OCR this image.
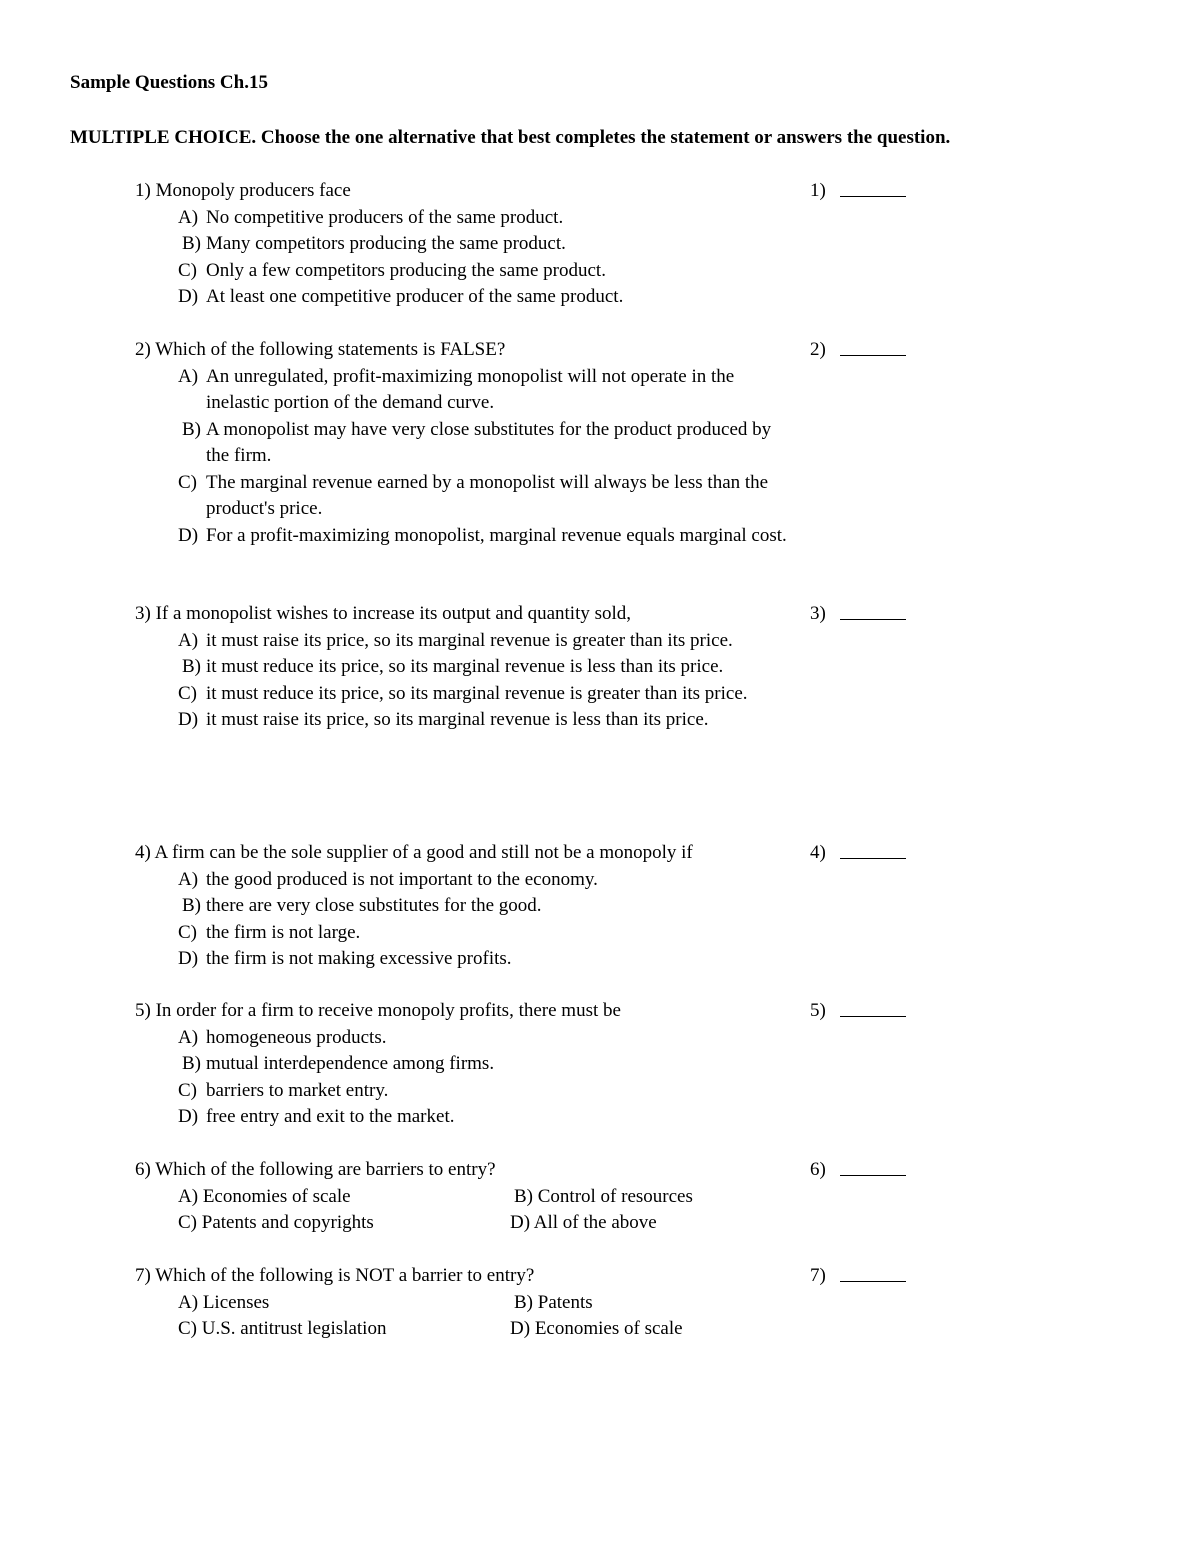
Sample Questions Ch.15
MULTIPLE CHOICE. Choose the one alternative that best completes the statement or answers the question.
1) Monopoly producers face	1)
A) No competitive producers of the same product.
B) Many competitors producing the same product.
C) Only a few competitors producing the same product.
D) At least one competitive producer of the same product.
2) Which of the following statements is FALSE?	2)
A) An unregulated, profit-maximizing monopolist will not operate in the inelastic portion of the demand curve.
B) A monopolist may have very close substitutes for the product produced by the firm.
C) The marginal revenue earned by a monopolist will always be less than the product's price.
D) For a profit-maximizing monopolist, marginal revenue equals marginal cost.
3) If a monopolist wishes to increase its output and quantity sold,	3)
A) it must raise its price, so its marginal revenue is greater than its price.
B) it must reduce its price, so its marginal revenue is less than its price.
C) it must reduce its price, so its marginal revenue is greater than its price.
D) it must raise its price, so its marginal revenue is less than its price.
4) A firm can be the sole supplier of a good and still not be a monopoly if	4)
A) the good produced is not important to the economy.
B) there are very close substitutes for the good.
C) the firm is not large.
D) the firm is not making excessive profits.
5) In order for a firm to receive monopoly profits, there must be	5)
A) homogeneous products.
B) mutual interdependence among firms.
C) barriers to market entry.
D) free entry and exit to the market.
6) Which of the following are barriers to entry?	6)
A) Economies of scale	B) Control of resources
C) Patents and copyrights	D) All of the above
7) Which of the following is NOT a barrier to entry?	7)
A) Licenses	B) Patents
C) U.S. antitrust legislation	D) Economies of scale
